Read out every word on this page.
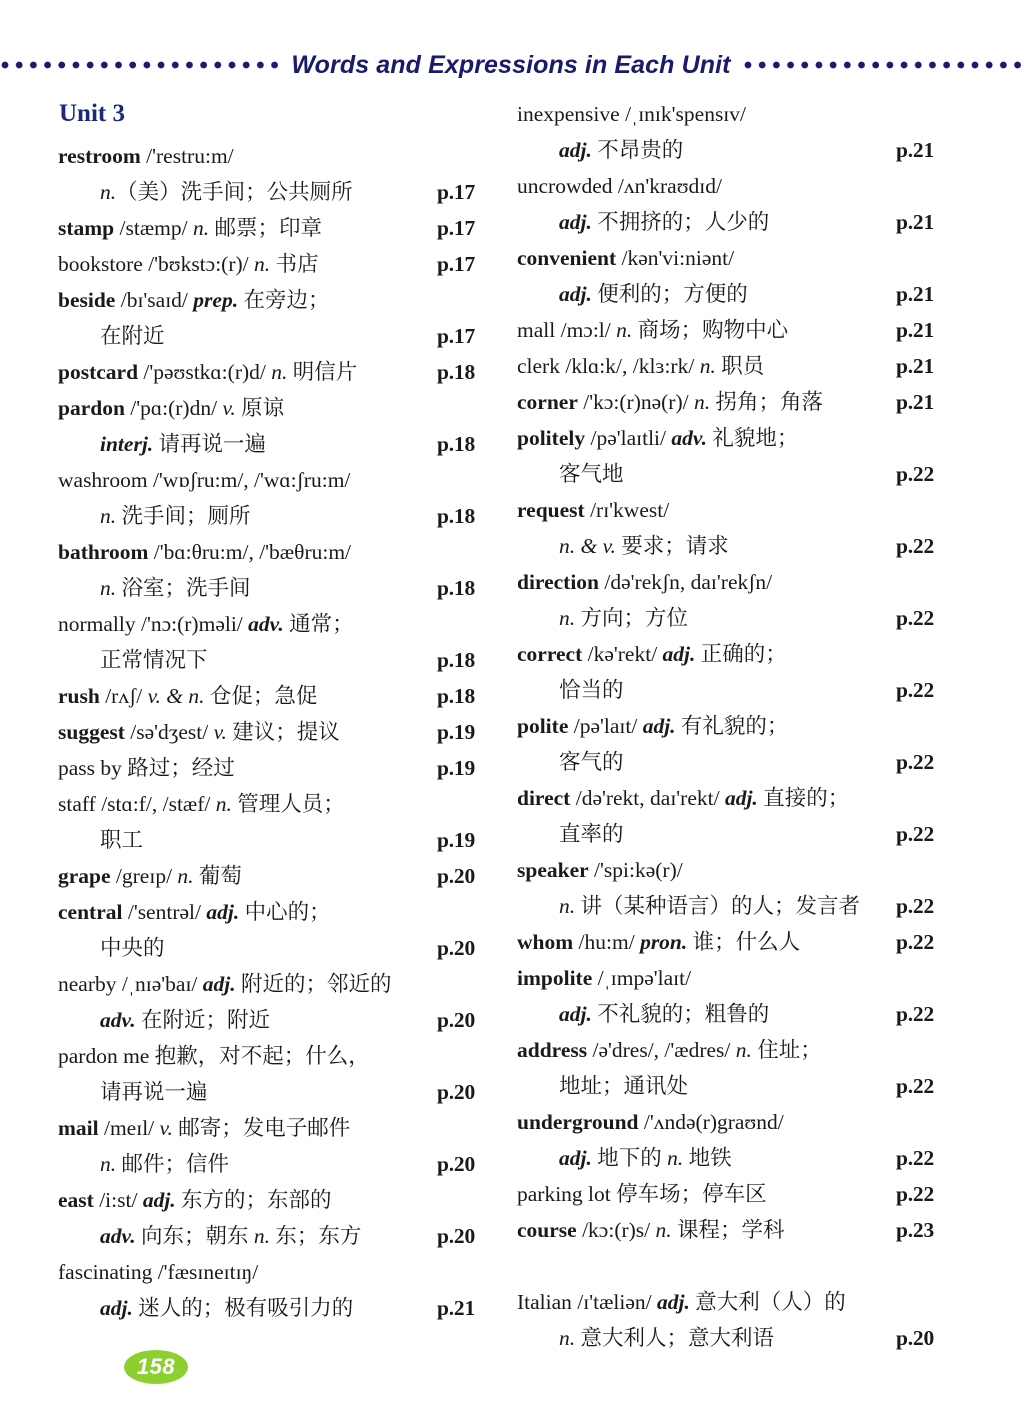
Words and Expressions in Each Unit
Unit 3
restroom /'restru:m/
n.（美）洗手间；公共厕所	p.17
stamp /stæmp/ n. 邮票；印章	p.17
bookstore /'bʊkstɔ:(r)/ n. 书店	p.17
beside /bɪ'saɪd/ prep. 在旁边；
在附近	p.17
postcard /'pəʊstkɑ:(r)d/ n. 明信片	p.18
pardon /'pɑ:(r)dn/ v. 原谅
interj. 请再说一遍	p.18
washroom /'wɒʃru:m/, /'wɑ:ʃru:m/
n. 洗手间；厕所	p.18
bathroom /'bɑ:θru:m/, /'bæθru:m/
n. 浴室；洗手间	p.18
normally /'nɔ:(r)məli/ adv. 通常；
正常情况下	p.18
rush /rʌʃ/ v. & n. 仓促；急促	p.18
suggest /sə'dʒest/ v. 建议；提议	p.19
pass by 路过；经过	p.19
staff /stɑ:f/, /stæf/ n. 管理人员；
职工	p.19
grape /greɪp/ n. 葡萄	p.20
central /'sentrəl/ adj. 中心的；
中央的	p.20
nearby /ˌnɪə'baɪ/ adj. 附近的；邻近的
adv. 在附近；附近	p.20
pardon me 抱歉，对不起；什么，
请再说一遍	p.20
mail /meɪl/ v. 邮寄；发电子邮件
n. 邮件；信件	p.20
east /i:st/ adj. 东方的；东部的
adv. 向东；朝东 n. 东；东方	p.20
fascinating /'fæsɪneɪtɪŋ/
adj. 迷人的；极有吸引力的	p.21
inexpensive /ˌɪnɪk'spensɪv/
adj. 不昂贵的	p.21
uncrowded /ʌn'kraʊdɪd/
adj. 不拥挤的；人少的	p.21
convenient /kən'vi:niənt/
adj. 便利的；方便的	p.21
mall /mɔ:l/ n. 商场；购物中心	p.21
clerk /klɑ:k/, /klɜ:rk/ n. 职员	p.21
corner /'kɔ:(r)nə(r)/ n. 拐角；角落	p.21
politely /pə'laɪtli/ adv. 礼貌地；
客气地	p.22
request /rɪ'kwest/
n. & v. 要求；请求	p.22
direction /də'rekʃn, daɪ'rekʃn/
n. 方向；方位	p.22
correct /kə'rekt/ adj. 正确的；
恰当的	p.22
polite /pə'laɪt/ adj. 有礼貌的；
客气的	p.22
direct /də'rekt, daɪ'rekt/ adj. 直接的；
直率的	p.22
speaker /'spi:kə(r)/
n. 讲（某种语言）的人；发言者 p.22
whom /hu:m/ pron. 谁；什么人	p.22
impolite /ˌɪmpə'laɪt/
adj. 不礼貌的；粗鲁的	p.22
address /ə'dres/, /'ædres/ n. 住址；
地址；通讯处	p.22
underground /'ʌndə(r)graʊnd/
adj. 地下的 n. 地铁	p.22
parking lot 停车场；停车区	p.22
course /kɔ:(r)s/ n. 课程；学科	p.23
Italian /ɪ'tæliən/ adj. 意大利（人）的
n. 意大利人；意大利语	p.20
158
